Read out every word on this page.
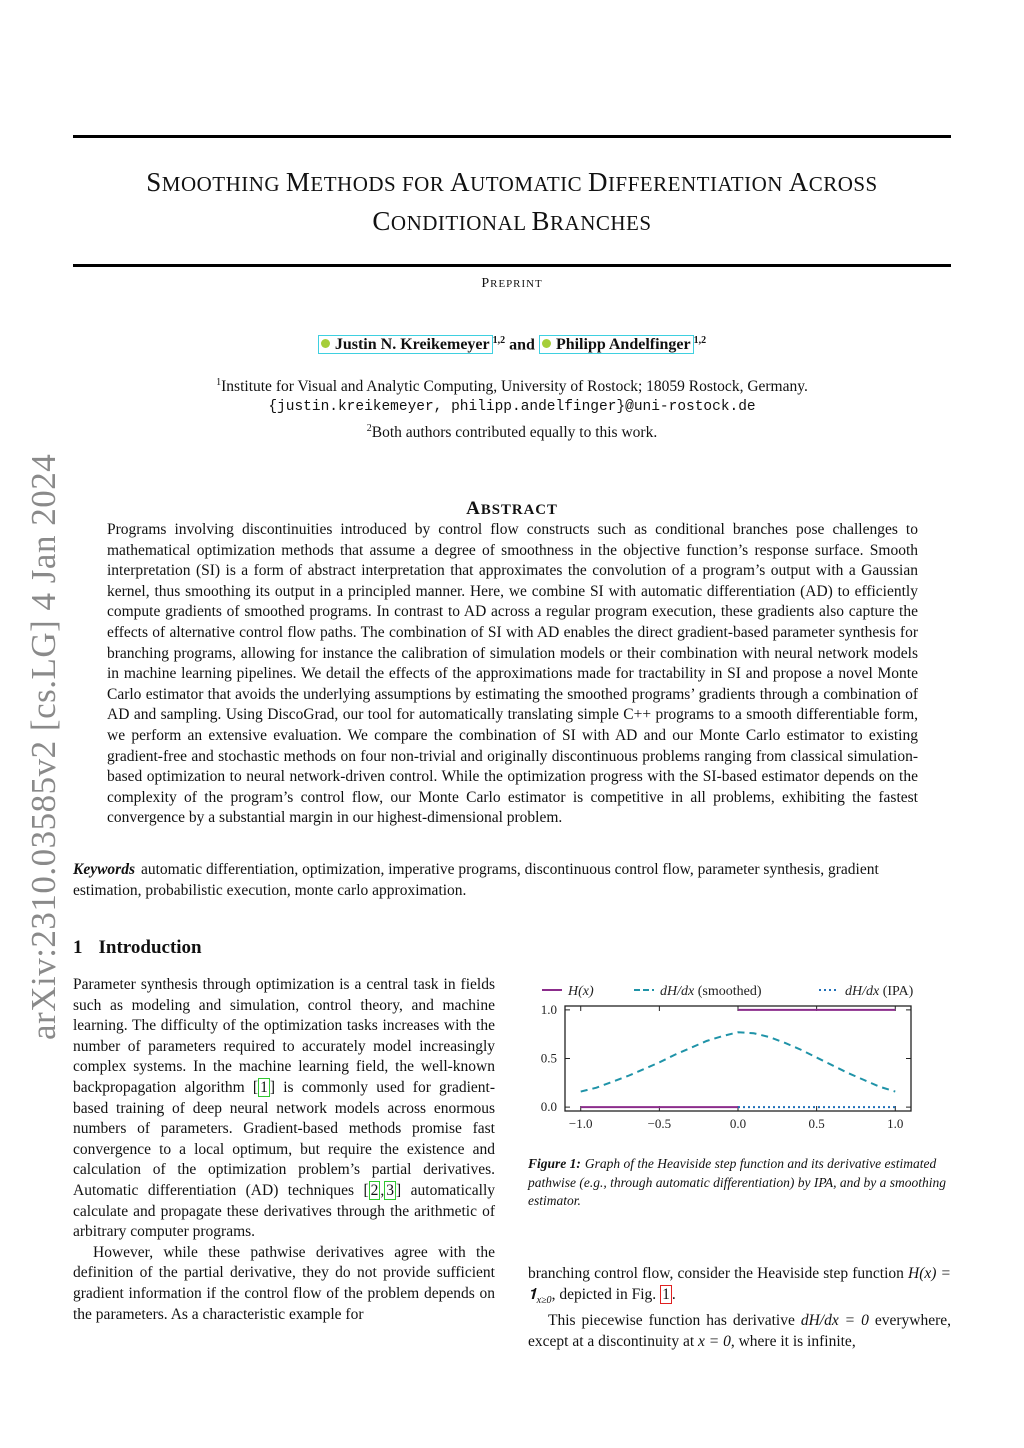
SMOOTHING METHODS FOR AUTOMATIC DIFFERENTIATION ACROSS
CONDITIONAL BRANCHES
PREPRINT
Justin N. Kreikemeyer $^{1,2}$ and Philipp Andelfinger $^{1,2}$
$^1$Institute for Visual and Analytic Computing, University of Rostock; 18059 Rostock, Germany.
{justin.kreikemeyer, philipp.andelfinger}@uni-rostock.de
$^2$Both authors contributed equally to this work.
arXiv:2310.03585v2 [cs.LG] 4 Jan 2024	ABSTRACT

Programs involving discontinuities introduced by control flow constructs such as conditional branches pose challenges to mathematical optimization methods that assume a degree of smoothness in the objective function’s response surface. Smooth interpretation (SI) is a form of abstract interpretation that approximates the convolution of a program’s output with a Gaussian kernel, thus smoothing its output in a principled manner. Here, we combine SI with automatic differentiation (AD) to efficiently compute gradients of smoothed programs. In contrast to AD across a regular program execution, these gradients also capture the effects of alternative control flow paths. The combination of SI with AD enables the direct gradient-based parameter synthesis for branching programs, allowing for instance the calibration of simulation models or their combination with neural network models in machine learning pipelines. We detail the effects of the approximations made for tractability in SI and propose a novel Monte Carlo estimator that avoids the underlying assumptions by estimating the smoothed programs’ gradients through a combination of AD and sampling. Using DiscoGrad, our tool for automatically translating simple C++ programs to a smooth differentiable form, we perform an extensive evaluation. We compare the combination of SI with AD and our Monte Carlo estimator to existing gradient-free and stochastic methods on four non-trivial and originally discontinuous problems ranging from classical simulation-based optimization to neural network-driven control. While the optimization progress with the SI-based estimator depends on the complexity of the program’s control flow, our Monte Carlo estimator is competitive in all problems, exhibiting the fastest convergence by a substantial margin in our highest-dimensional problem.

Keywords automatic differentiation, optimization, imperative programs, discontinuous control flow, parameter synthesis, gradient estimation, probabilistic execution, monte carlo approximation.

1 Introduction

Parameter synthesis through optimization is a central task in fields such as modeling and simulation, control theory, and machine learning. The difficulty of the optimization tasks increases with the number of parameters required to accurately model increasingly complex systems. In the machine learning field, the well-known backpropagation algorithm [ 1 ] is commonly used for gradient-based training of deep neural network models across enormous numbers of parameters. Gradient-based methods promise fast convergence to a local optimum, but require the existence and calculation of the optimization problem’s partial derivatives. Automatic differentiation (AD) techniques [ 2 , 3 ] automatically calculate and propagate these derivatives through the arithmetic of arbitrary computer programs.

However, while these pathwise derivatives agree with the definition of the partial derivative, they do not provide sufficient gradient information if the control flow of the problem depends on the parameters. As a characteristic example for

−1.0	−0.5	0.0	0.5	1.0
0.0
0.5
1.0
H(x)	dH/dx (smoothed)	dH/dx (IPA)

Figure 1: Graph of the Heaviside step function and its derivative estimated pathwise (e.g., through automatic differentiation) by IPA, and by a smoothing estimator.

branching control flow, consider the Heaviside step function $H(x) = 𝟏_{x\ge 0}$, depicted in Fig. 1 .

This piecewise function has derivative dH/dx = 0 everywhere, except at a discontinuity at x = 0, where it is infinite,
